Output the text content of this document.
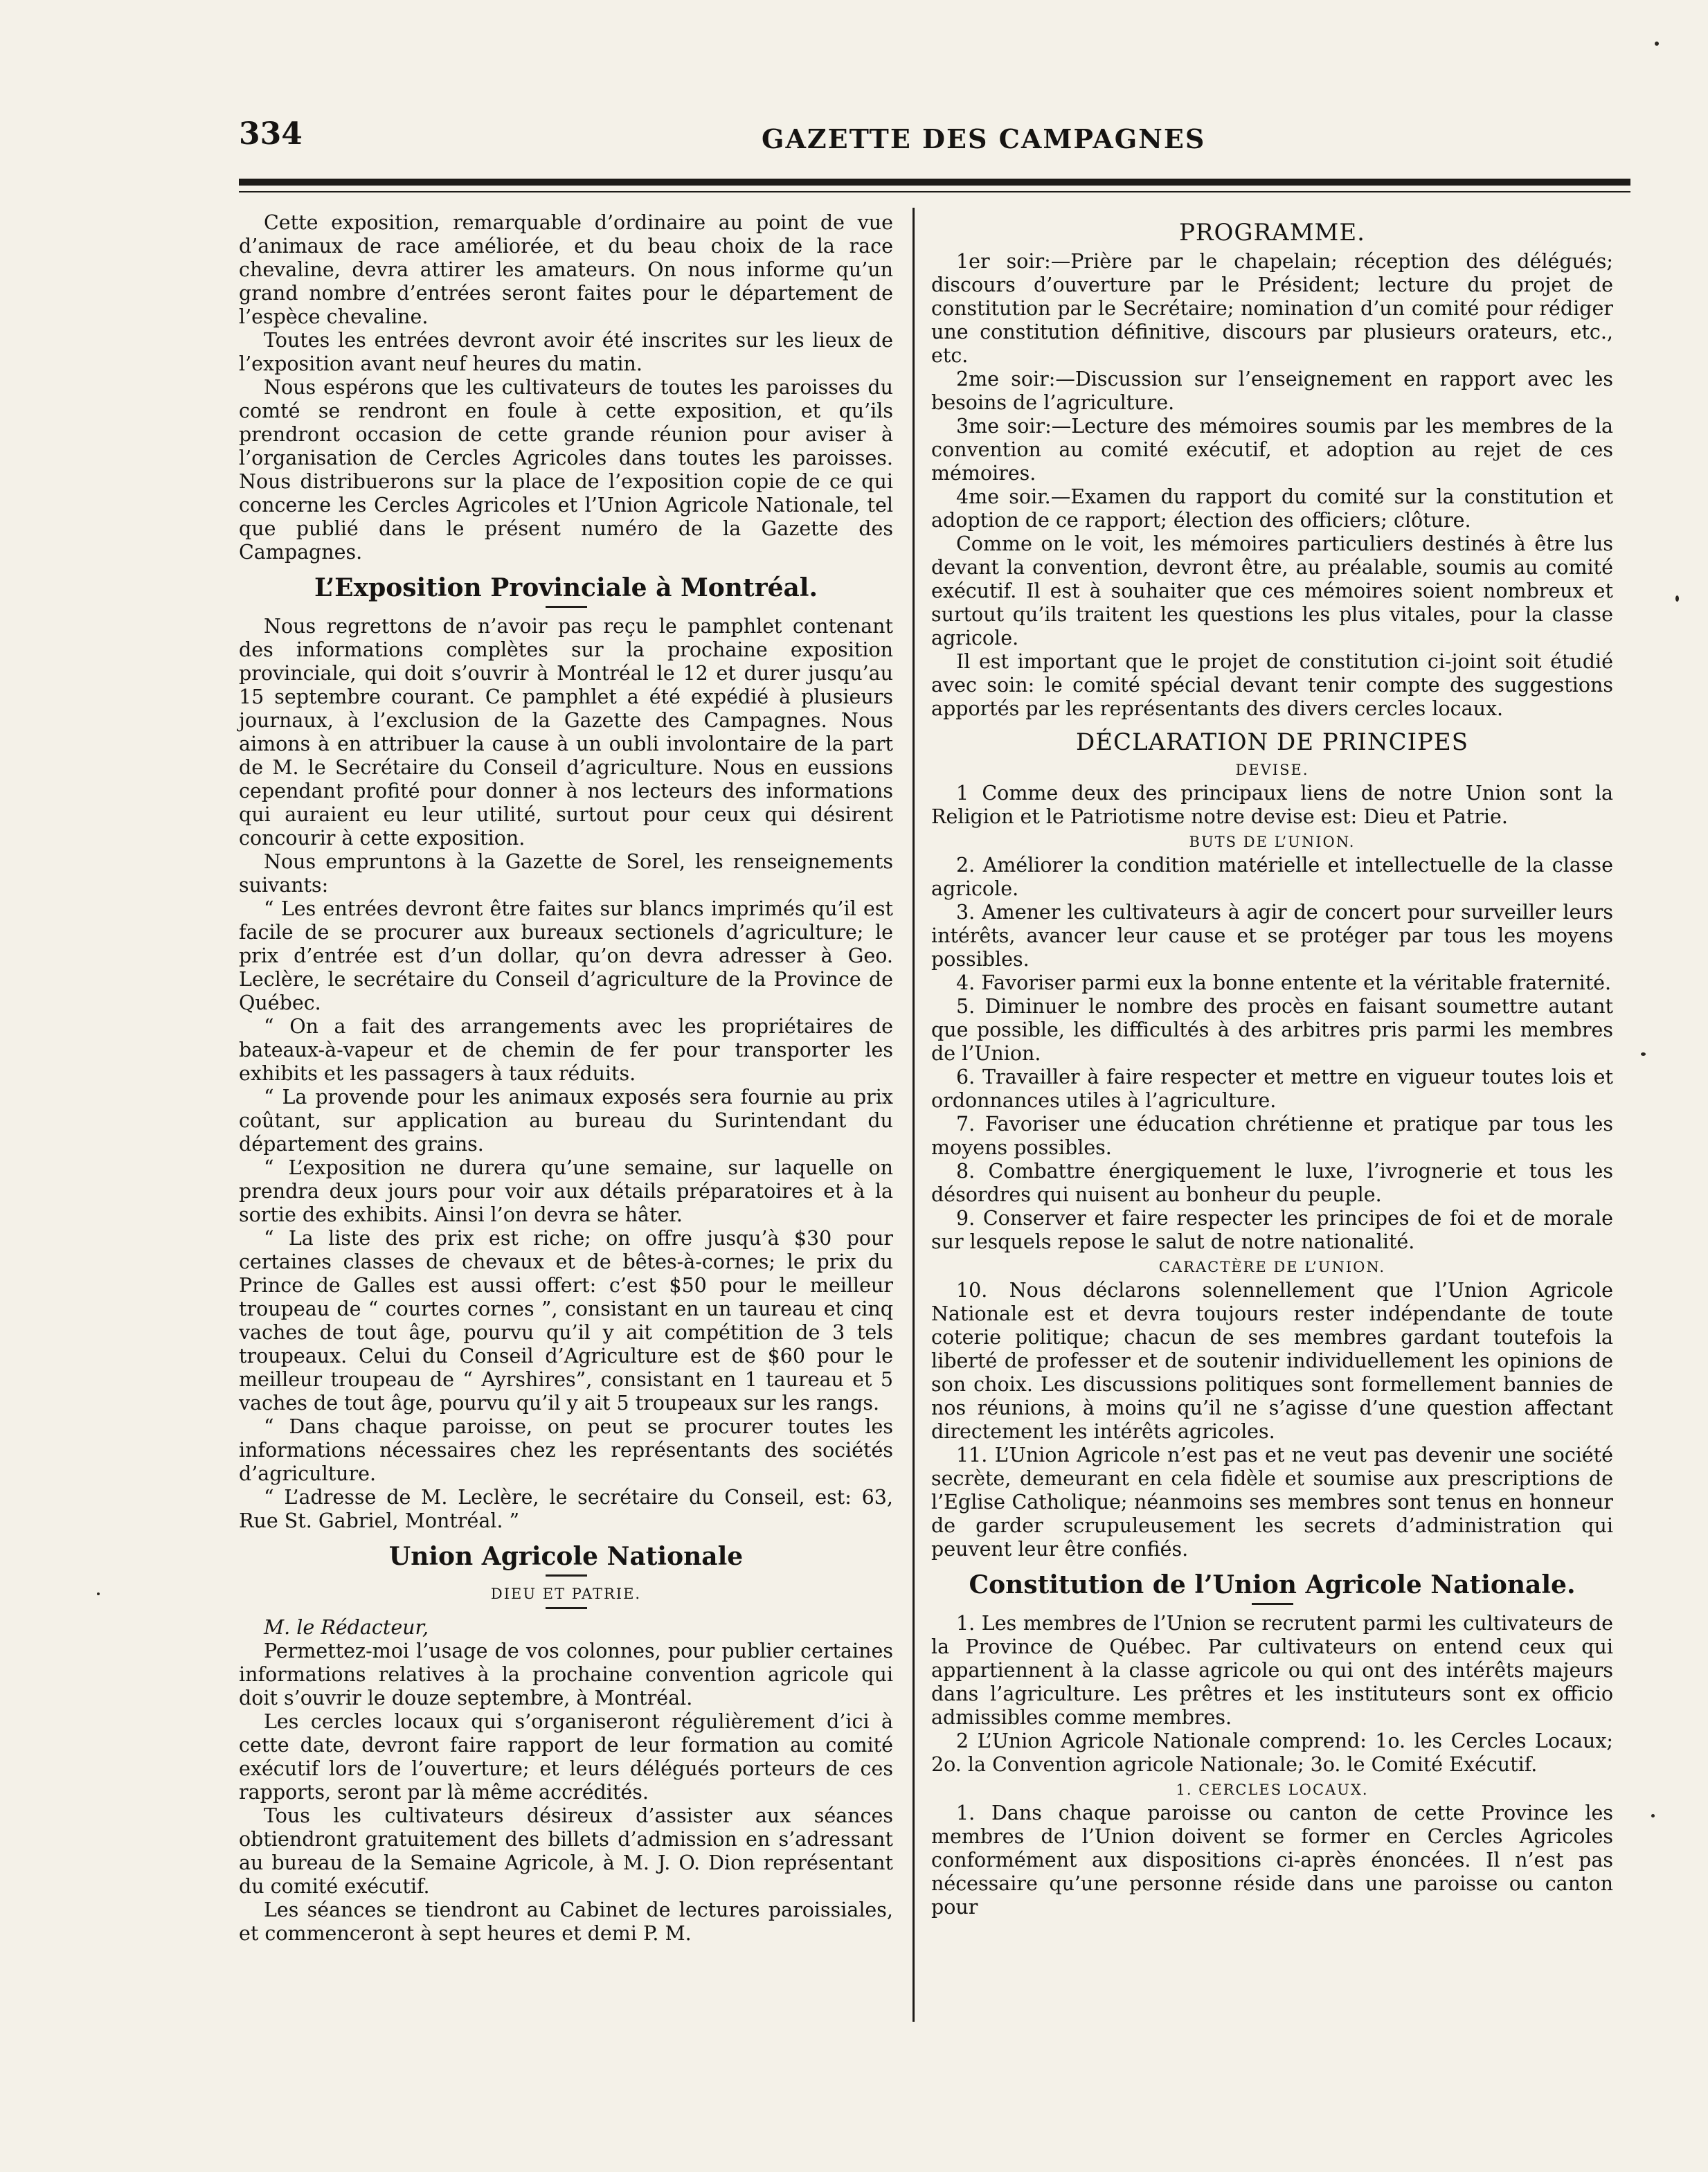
334	GAZETTE DES CAMPAGNES

Cette exposition, remarquable d’ordinaire au point de vue d’animaux de race améliorée, et du beau choix de la race chevaline, devra attirer les amateurs. On nous informe qu’un grand nombre d’entrées seront faites pour le département de l’espèce chevaline.

Toutes les entrées devront avoir été inscrites sur les lieux de l’exposition avant neuf heures du matin.

Nous espérons que les cultivateurs de toutes les paroisses du comté se rendront en foule à cette exposition, et qu’ils prendront occasion de cette grande réunion pour aviser à l’organisation de Cercles Agricoles dans toutes les paroisses. Nous distribuerons sur la place de l’exposition copie de ce qui concerne les Cercles Agricoles et l’Union Agricole Nationale, tel que publié dans le présent numéro de la Gazette des Campagnes.

L’Exposition Provinciale à Montréal.

Nous regrettons de n’avoir pas reçu le pamphlet contenant des informations complètes sur la prochaine exposition provinciale, qui doit s’ouvrir à Montréal le 12 et durer jusqu’au 15 septembre courant. Ce pamphlet a été expédié à plusieurs journaux, à l’exclusion de la Gazette des Campagnes. Nous aimons à en attribuer la cause à un oubli involontaire de la part de M. le Secrétaire du Conseil d’agriculture. Nous en eussions cependant profité pour donner à nos lecteurs des informations qui auraient eu leur utilité, surtout pour ceux qui désirent concourir à cette exposition.

Nous empruntons à la Gazette de Sorel, les renseignements suivants:

“ Les entrées devront être faites sur blancs imprimés qu’il est facile de se procurer aux bureaux sectionels d’agriculture; le prix d’entrée est d’un dollar, qu’on devra adresser à Geo. Leclère, le secrétaire du Conseil d’agriculture de la Province de Québec.

“ On a fait des arrangements avec les propriétaires de bateaux-à-vapeur et de chemin de fer pour transporter les exhibits et les passagers à taux réduits.

“ La provende pour les animaux exposés sera fournie au prix coûtant, sur application au bureau du Surintendant du département des grains.

“ L’exposition ne durera qu’une semaine, sur laquelle on prendra deux jours pour voir aux détails préparatoires et à la sortie des exhibits. Ainsi l’on devra se hâter.

“ La liste des prix est riche; on offre jusqu’à $30 pour certaines classes de chevaux et de bêtes-à-cornes; le prix du Prince de Galles est aussi offert: c’est $50 pour le meilleur troupeau de “ courtes cornes ”, consistant en un taureau et cinq vaches de tout âge, pourvu qu’il y ait compétition de 3 tels troupeaux. Celui du Conseil d’Agriculture est de $60 pour le meilleur troupeau de “ Ayrshires”, consistant en 1 taureau et 5 vaches de tout âge, pourvu qu’il y ait 5 troupeaux sur les rangs.

“ Dans chaque paroisse, on peut se procurer toutes les informations nécessaires chez les représentants des sociétés d’agriculture.

“ L’adresse de M. Leclère, le secrétaire du Conseil, est: 63, Rue St. Gabriel, Montréal. ”

Union Agricole Nationale
DIEU ET PATRIE.

M. le Rédacteur,

Permettez-moi l’usage de vos colonnes, pour publier certaines informations relatives à la prochaine convention agricole qui doit s’ouvrir le douze septembre, à Montréal.

Les cercles locaux qui s’organiseront régulièrement d’ici à cette date, devront faire rapport de leur formation au comité exécutif lors de l’ouverture; et leurs délégués porteurs de ces rapports, seront par là même accrédités.

Tous les cultivateurs désireux d’assister aux séances obtiendront gratuitement des billets d’admission en s’adressant au bureau de la Semaine Agricole, à M. J. O. Dion représentant du comité exécutif.

Les séances se tiendront au Cabinet de lectures paroissiales, et commenceront à sept heures et demi P. M.

PROGRAMME.

1er soir:—Prière par le chapelain; réception des délégués; discours d’ouverture par le Président; lecture du projet de constitution par le Secrétaire; nomination d’un comité pour rédiger une constitution définitive, discours par plusieurs orateurs, etc., etc.

2me soir:—Discussion sur l’enseignement en rapport avec les besoins de l’agriculture.

3me soir:—Lecture des mémoires soumis par les membres de la convention au comité exécutif, et adoption au rejet de ces mémoires.

4me soir.—Examen du rapport du comité sur la constitution et adoption de ce rapport; élection des officiers; clôture.

Comme on le voit, les mémoires particuliers destinés à être lus devant la convention, devront être, au préalable, soumis au comité exécutif. Il est à souhaiter que ces mémoires soient nombreux et surtout qu’ils traitent les questions les plus vitales, pour la classe agricole.

Il est important que le projet de constitution ci-joint soit étudié avec soin: le comité spécial devant tenir compte des suggestions apportés par les représentants des divers cercles locaux.

DÉCLARATION DE PRINCIPES
DEVISE.

1 Comme deux des principaux liens de notre Union sont la Religion et le Patriotisme notre devise est: Dieu et Patrie.

BUTS DE L’UNION.

2. Améliorer la condition matérielle et intellectuelle de la classe agricole.

3. Amener les cultivateurs à agir de concert pour surveiller leurs intérêts, avancer leur cause et se protéger par tous les moyens possibles.

4. Favoriser parmi eux la bonne entente et la véritable fraternité.

5. Diminuer le nombre des procès en faisant soumettre autant que possible, les difficultés à des arbitres pris parmi les membres de l’Union.

6. Travailler à faire respecter et mettre en vigueur toutes lois et ordonnances utiles à l’agriculture.

7. Favoriser une éducation chrétienne et pratique par tous les moyens possibles.

8. Combattre énergiquement le luxe, l’ivrognerie et tous les désordres qui nuisent au bonheur du peuple.

9. Conserver et faire respecter les principes de foi et de morale sur lesquels repose le salut de notre nationalité.

CARACTÈRE DE L’UNION.

10. Nous déclarons solennellement que l’Union Agricole Nationale est et devra toujours rester indépendante de toute coterie politique; chacun de ses membres gardant toutefois la liberté de professer et de soutenir individuellement les opinions de son choix. Les discussions politiques sont formellement bannies de nos réunions, à moins qu’il ne s’agisse d’une question affectant directement les intérêts agricoles.

11. L’Union Agricole n’est pas et ne veut pas devenir une société secrète, demeurant en cela fidèle et soumise aux prescriptions de l’Eglise Catholique; néanmoins ses membres sont tenus en honneur de garder scrupuleusement les secrets d’administration qui peuvent leur être confiés.

Constitution de l’Union Agricole Nationale.

1. Les membres de l’Union se recrutent parmi les cultivateurs de la Province de Québec. Par cultivateurs on entend ceux qui appartiennent à la classe agricole ou qui ont des intérêts majeurs dans l’agriculture. Les prêtres et les instituteurs sont ex officio admissibles comme membres.

2 L’Union Agricole Nationale comprend: 1o. les Cercles Locaux; 2o. la Convention agricole Nationale; 3o. le Comité Exécutif.

1. CERCLES LOCAUX.

1. Dans chaque paroisse ou canton de cette Province les membres de l’Union doivent se former en Cercles Agricoles conformément aux dispositions ci-après énoncées. Il n’est pas nécessaire qu’une personne réside dans une paroisse ou canton pour
